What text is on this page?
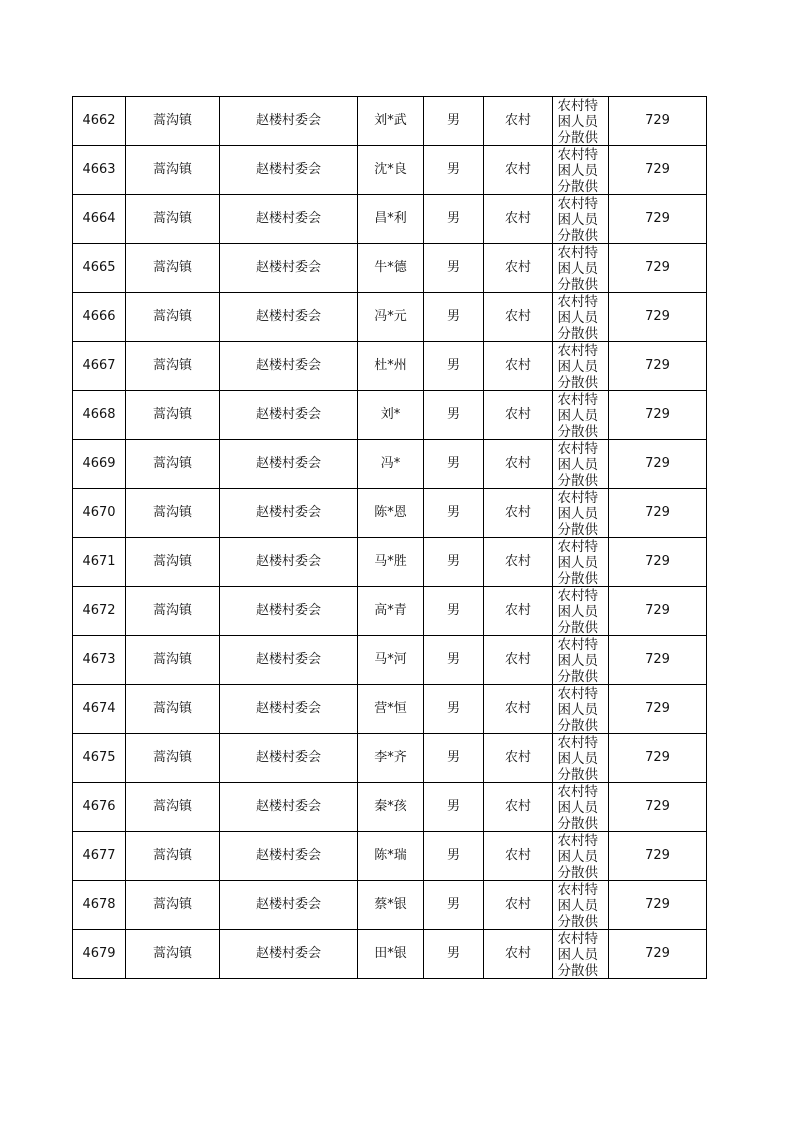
4662	蒿沟镇	赵楼村委会	刘*武	男	农村	农村特困人员分散供	729
4663	蒿沟镇	赵楼村委会	沈*良	男	农村	农村特困人员分散供	729
4664	蒿沟镇	赵楼村委会	昌*利	男	农村	农村特困人员分散供	729
4665	蒿沟镇	赵楼村委会	牛*德	男	农村	农村特困人员分散供	729
4666	蒿沟镇	赵楼村委会	冯*元	男	农村	农村特困人员分散供	729
4667	蒿沟镇	赵楼村委会	杜*州	男	农村	农村特困人员分散供	729
4668	蒿沟镇	赵楼村委会	刘*	男	农村	农村特困人员分散供	729
4669	蒿沟镇	赵楼村委会	冯*	男	农村	农村特困人员分散供	729
4670	蒿沟镇	赵楼村委会	陈*恩	男	农村	农村特困人员分散供	729
4671	蒿沟镇	赵楼村委会	马*胜	男	农村	农村特困人员分散供	729
4672	蒿沟镇	赵楼村委会	高*青	男	农村	农村特困人员分散供	729
4673	蒿沟镇	赵楼村委会	马*河	男	农村	农村特困人员分散供	729
4674	蒿沟镇	赵楼村委会	营*恒	男	农村	农村特困人员分散供	729
4675	蒿沟镇	赵楼村委会	李*齐	男	农村	农村特困人员分散供	729
4676	蒿沟镇	赵楼村委会	秦*孩	男	农村	农村特困人员分散供	729
4677	蒿沟镇	赵楼村委会	陈*瑞	男	农村	农村特困人员分散供	729
4678	蒿沟镇	赵楼村委会	蔡*银	男	农村	农村特困人员分散供	729
4679	蒿沟镇	赵楼村委会	田*银	男	农村	农村特困人员分散供	729
